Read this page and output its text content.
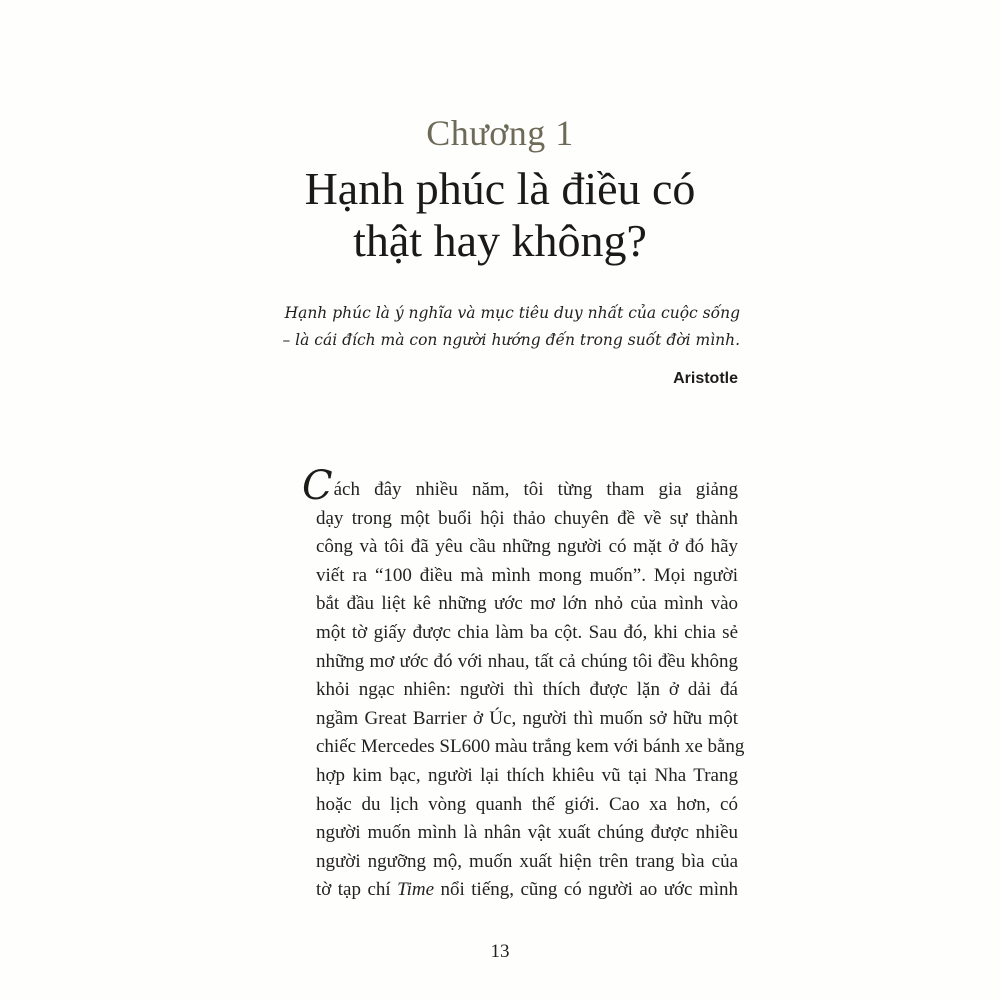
Chương 1
Hạnh phúc là điều có
thật hay không?
Hạnh phúc là ý nghĩa và mục tiêu duy nhất của cuộc sống
– là cái đích mà con người hướng đến trong suốt đời mình.
Aristotle
Cách đây nhiều năm, tôi từng tham gia giảng
dạy trong một buổi hội thảo chuyên đề về sự thành
công và tôi đã yêu cầu những người có mặt ở đó hãy
viết ra “100 điều mà mình mong muốn”. Mọi người
bắt đầu liệt kê những ước mơ lớn nhỏ của mình vào
một tờ giấy được chia làm ba cột. Sau đó, khi chia sẻ
những mơ ước đó với nhau, tất cả chúng tôi đều không
khỏi ngạc nhiên: người thì thích được lặn ở dải đá
ngầm Great Barrier ở Úc, người thì muốn sở hữu một
chiếc Mercedes SL600 màu trắng kem với bánh xe bằng
hợp kim bạc, người lại thích khiêu vũ tại Nha Trang
hoặc du lịch vòng quanh thế giới. Cao xa hơn, có
người muốn mình là nhân vật xuất chúng được nhiều
người ngưỡng mộ, muốn xuất hiện trên trang bìa của
tờ tạp chí Time nổi tiếng, cũng có người ao ước mình
13
